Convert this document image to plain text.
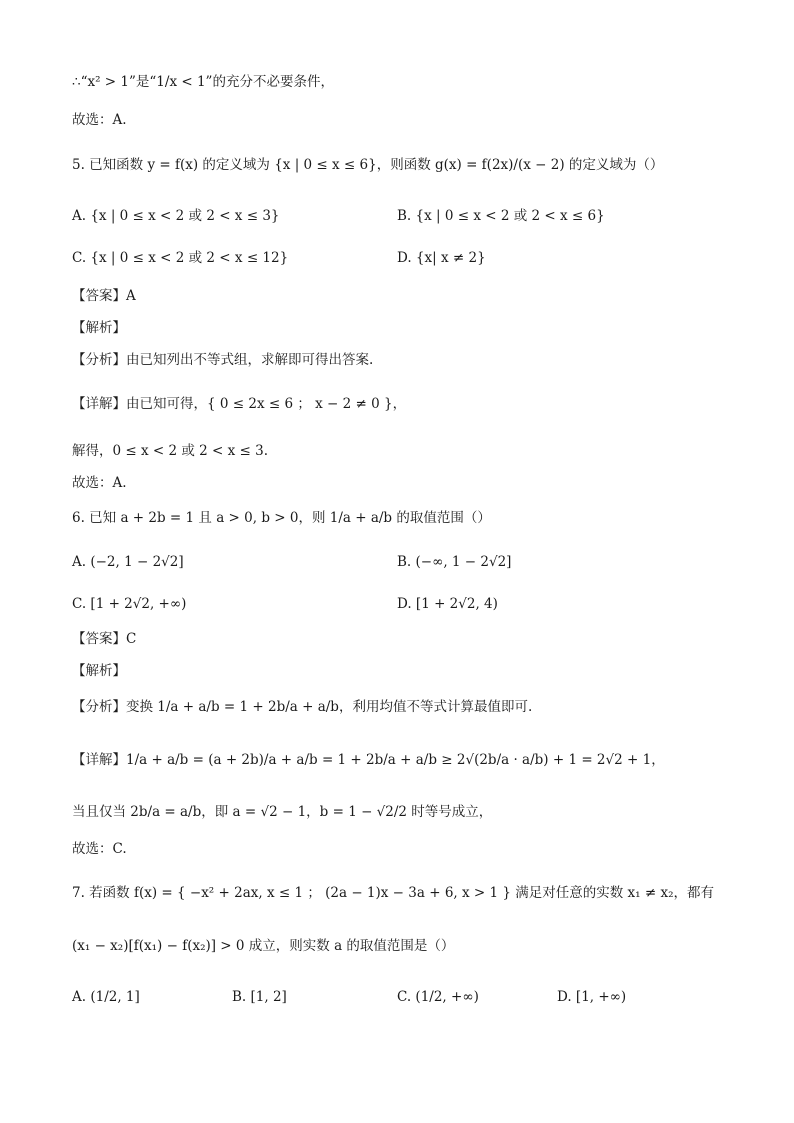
∴“x² > 1”是“1/x < 1”的充分不必要条件，
故选：A.
5. 已知函数 y = f(x) 的定义域为 {x | 0 ≤ x ≤ 6}，则函数 g(x) = f(2x)/(x − 2) 的定义域为（）
A. {x | 0 ≤ x < 2 或 2 < x ≤ 3}	B. {x | 0 ≤ x < 2 或 2 < x ≤ 6}
C. {x | 0 ≤ x < 2 或 2 < x ≤ 12}	D. {x| x ≠ 2}
【答案】A
【解析】
【分析】由已知列出不等式组，求解即可得出答案.
【详解】由已知可得，{ 0 ≤ 2x ≤ 6 ； x − 2 ≠ 0 }，
解得，0 ≤ x < 2 或 2 < x ≤ 3.
故选：A.
6. 已知 a + 2b = 1 且 a > 0, b > 0，则 1/a + a/b 的取值范围（）
A. (−2, 1 − 2√2]	B. (−∞, 1 − 2√2]
C. [1 + 2√2, +∞)	D. [1 + 2√2, 4)
【答案】C
【解析】
【分析】变换 1/a + a/b = 1 + 2b/a + a/b，利用均值不等式计算最值即可.
【详解】1/a + a/b = (a + 2b)/a + a/b = 1 + 2b/a + a/b ≥ 2√(2b/a · a/b) + 1 = 2√2 + 1，
当且仅当 2b/a = a/b，即 a = √2 − 1，b = 1 − √2/2 时等号成立，
故选：C.
7. 若函数 f(x) = { −x² + 2ax, x ≤ 1 ； (2a − 1)x − 3a + 6, x > 1 } 满足对任意的实数 x₁ ≠ x₂，都有
(x₁ − x₂)[f(x₁) − f(x₂)] > 0 成立，则实数 a 的取值范围是（）
A. (1/2, 1]	B. [1, 2]	C. (1/2, +∞)	D. [1, +∞)
